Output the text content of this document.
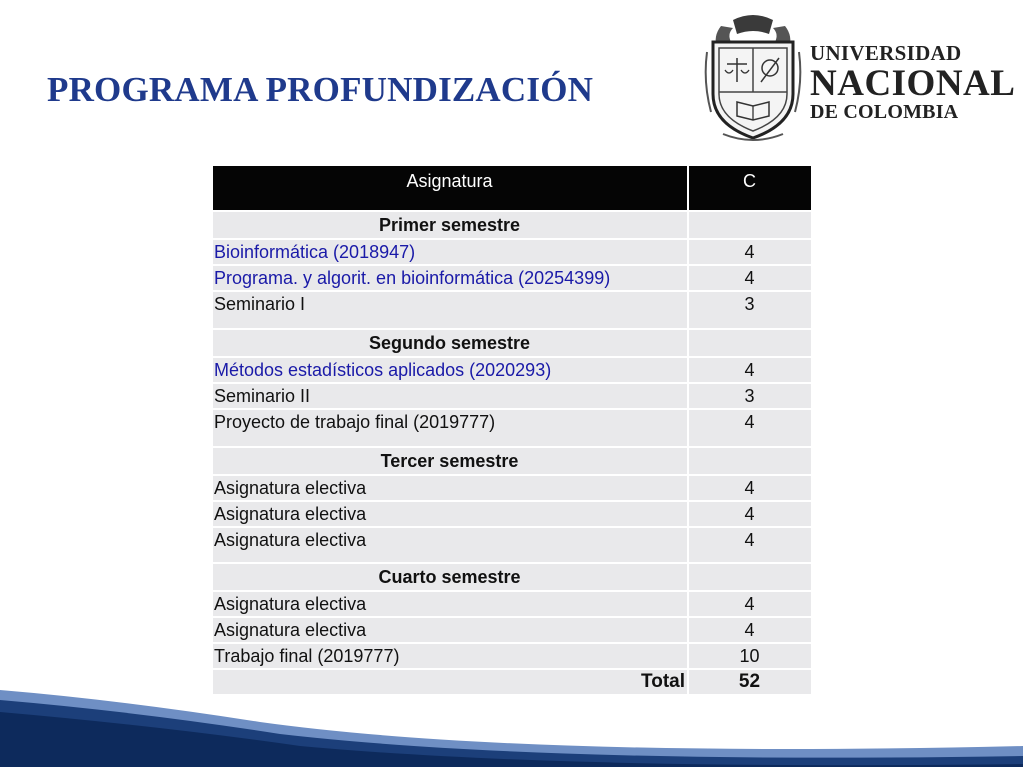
PROGRAMA PROFUNDIZACIÓN
UNIVERSIDAD
NACIONAL
DE COLOMBIA
Asignatura	C
Primer semestre	
Bioinformática (2018947)	4
Programa. y algorit. en bioinformática (20254399)	4
Seminario I	3
Segundo semestre	
Métodos estadísticos aplicados (2020293)	4
Seminario II	3
Proyecto de trabajo final (2019777)	4
Tercer semestre	
Asignatura electiva	4
Asignatura electiva	4
Asignatura electiva	4
Cuarto semestre	
Asignatura electiva	4
Asignatura electiva	4
Trabajo final (2019777)	10
Total	52
